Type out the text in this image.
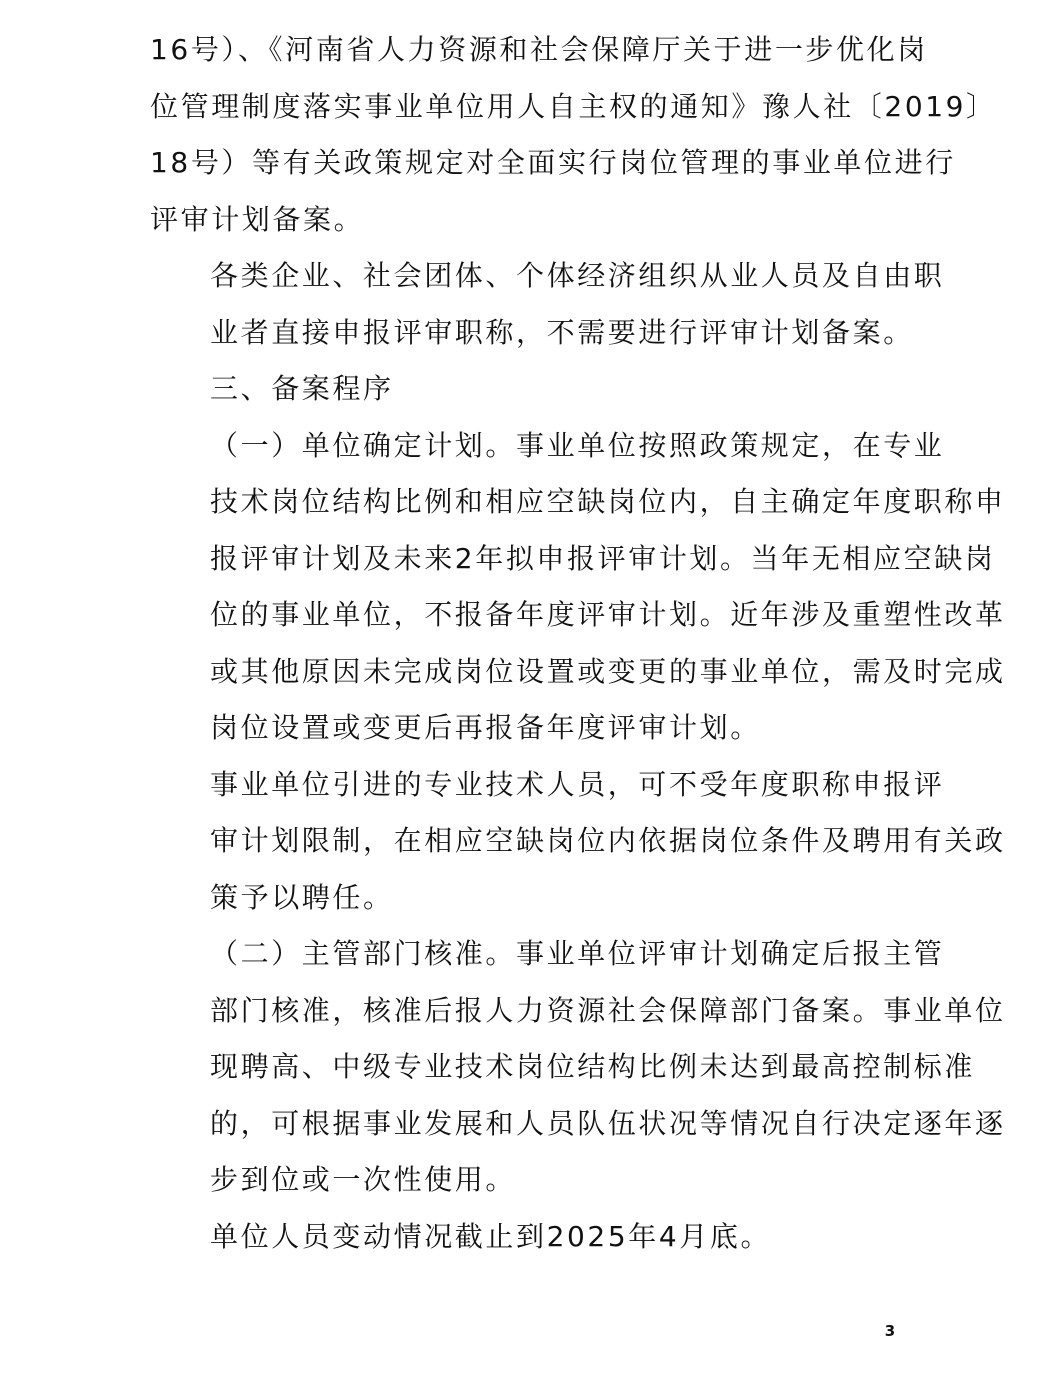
16号）、《河南省人力资源和社会保障厅关于进一步优化岗
位管理制度落实事业单位用人自主权的通知》豫人社〔2019〕
18号）等有关政策规定对全面实行岗位管理的事业单位进行
评审计划备案。

各类企业、社会团体、个体经济组织从业人员及自由职
业者直接申报评审职称，不需要进行评审计划备案。

三、备案程序

（一）单位确定计划。事业单位按照政策规定，在专业
技术岗位结构比例和相应空缺岗位内，自主确定年度职称申
报评审计划及未来2年拟申报评审计划。当年无相应空缺岗
位的事业单位，不报备年度评审计划。近年涉及重塑性改革
或其他原因未完成岗位设置或变更的事业单位，需及时完成
岗位设置或变更后再报备年度评审计划。

事业单位引进的专业技术人员，可不受年度职称申报评
审计划限制，在相应空缺岗位内依据岗位条件及聘用有关政
策予以聘任。

（二）主管部门核准。事业单位评审计划确定后报主管
部门核准，核准后报人力资源社会保障部门备案。事业单位
现聘高、中级专业技术岗位结构比例未达到最高控制标准
的，可根据事业发展和人员队伍状况等情况自行决定逐年逐
步到位或一次性使用。

单位人员变动情况截止到2025年4月底。

3
